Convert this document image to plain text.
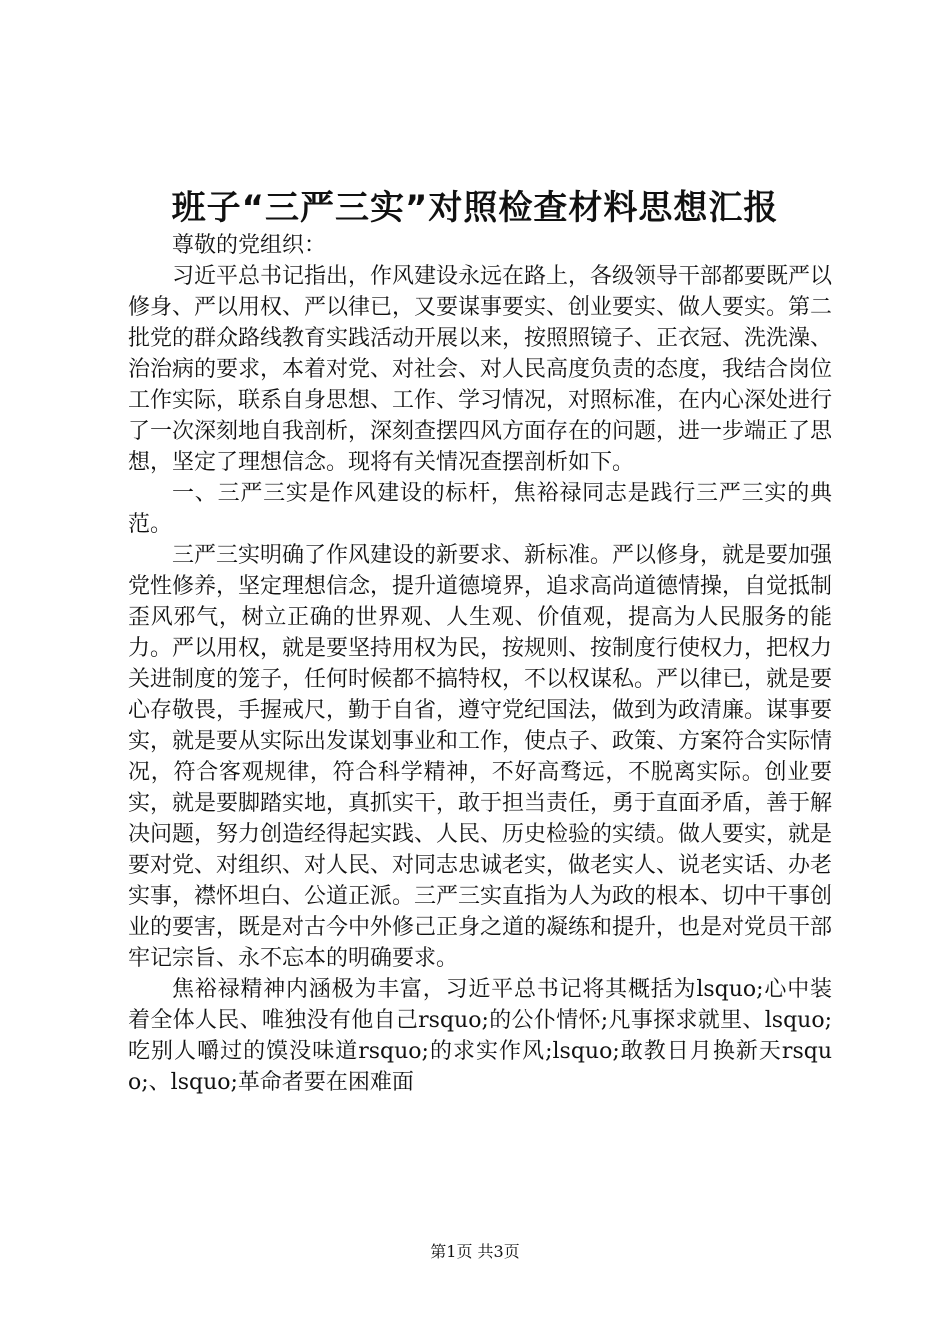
班子“三严三实”对照检查材料思想汇报

尊敬的党组织：

习近平总书记指出，作风建设永远在路上，各级领导干部都要既严以修身、严以用权、严以律已，又要谋事要实、创业要实、做人要实。第二批党的群众路线教育实践活动开展以来，按照照镜子、正衣冠、洗洗澡、治治病的要求，本着对党、对社会、对人民高度负责的态度，我结合岗位工作实际，联系自身思想、工作、学习情况，对照标准，在内心深处进行了一次深刻地自我剖析，深刻查摆四风方面存在的问题，进一步端正了思想，坚定了理想信念。现将有关情况查摆剖析如下。

一、三严三实是作风建设的标杆，焦裕禄同志是践行三严三实的典范。

三严三实明确了作风建设的新要求、新标准。严以修身，就是要加强党性修养，坚定理想信念，提升道德境界，追求高尚道德情操，自觉抵制歪风邪气，树立正确的世界观、人生观、价值观，提高为人民服务的能力。严以用权，就是要坚持用权为民，按规则、按制度行使权力，把权力关进制度的笼子，任何时候都不搞特权，不以权谋私。严以律已，就是要心存敬畏，手握戒尺，勤于自省，遵守党纪国法，做到为政清廉。谋事要实，就是要从实际出发谋划事业和工作，使点子、政策、方案符合实际情况，符合客观规律，符合科学精神，不好高骛远，不脱离实际。创业要实，就是要脚踏实地，真抓实干，敢于担当责任，勇于直面矛盾，善于解决问题，努力创造经得起实践、人民、历史检验的实绩。做人要实，就是要对党、对组织、对人民、对同志忠诚老实，做老实人、说老实话、办老实事，襟怀坦白、公道正派。三严三实直指为人为政的根本、切中干事创业的要害，既是对古今中外修己正身之道的凝练和提升，也是对党员干部牢记宗旨、永不忘本的明确要求。

焦裕禄精神内涵极为丰富，习近平总书记将其概括为lsquo;心中装着全体人民、唯独没有他自己rsquo;的公仆情怀;凡事探求就里、lsquo;吃别人嚼过的馍没味道rsquo;的求实作风;lsquo;敢教日月换新天rsquo;、lsquo;革命者要在困难面

第1页 共3页
